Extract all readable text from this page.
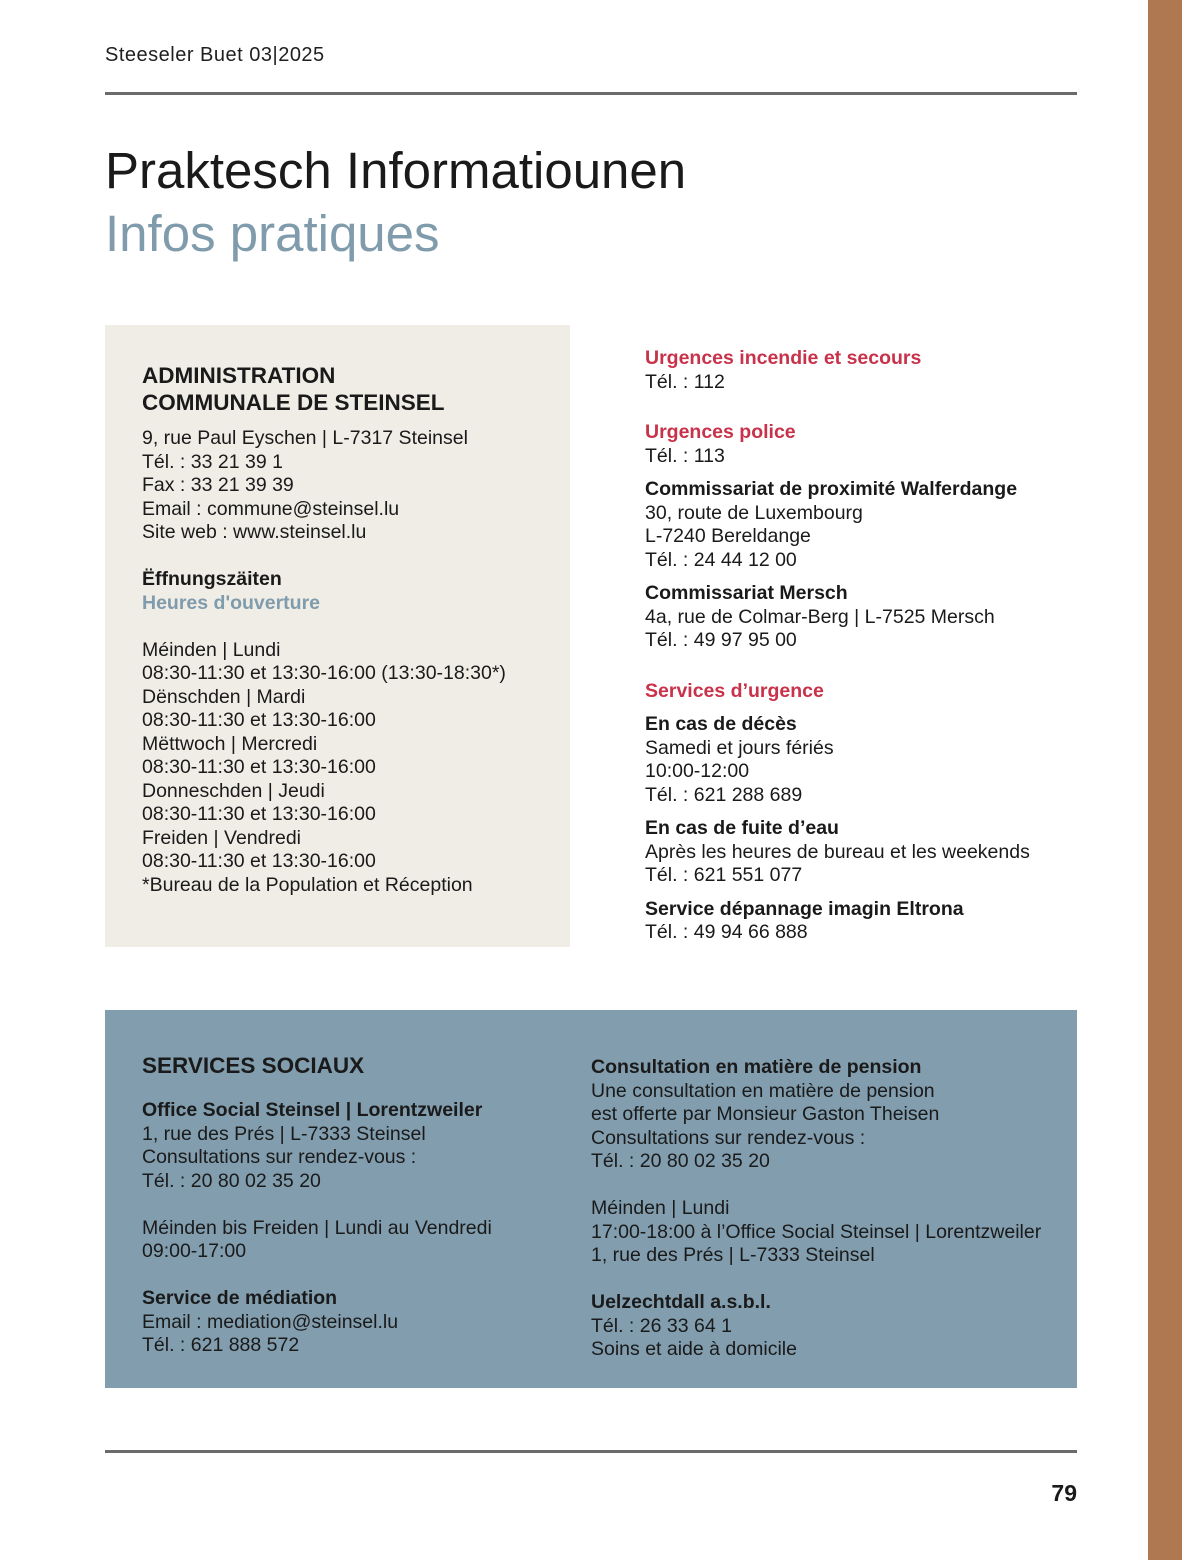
Steeseler Buet 03|2025
Praktesch Informatiounen
Infos pratiques
ADMINISTRATION
COMMUNALE DE STEINSEL
9, rue Paul Eyschen | L-7317 Steinsel
Tél. : 33 21 39 1
Fax : 33 21 39 39
Email : commune@steinsel.lu
Site web : www.steinsel.lu
Ëffnungszäiten
Heures d'ouverture
Méinden | Lundi
08:30-11:30 et 13:30-16:00 (13:30-18:30*)
Dënschden | Mardi
08:30-11:30 et 13:30-16:00
Mëttwoch | Mercredi
08:30-11:30 et 13:30-16:00
Donneschden | Jeudi
08:30-11:30 et 13:30-16:00
Freiden | Vendredi
08:30-11:30 et 13:30-16:00
*Bureau de la Population et Réception
Urgences incendie et secours
Tél. : 112
Urgences police
Tél. : 113
Commissariat de proximité Walferdange
30, route de Luxembourg
L-7240 Bereldange
Tél. : 24 44 12 00
Commissariat Mersch
4a, rue de Colmar-Berg | L-7525 Mersch
Tél. : 49 97 95 00
Services d’urgence
En cas de décès
Samedi et jours fériés
10:00-12:00
Tél. : 621 288 689
En cas de fuite d’eau
Après les heures de bureau et les weekends
Tél. : 621 551 077
Service dépannage imagin Eltrona
Tél. : 49 94 66 888
SERVICES SOCIAUX
Office Social Steinsel | Lorentzweiler
1, rue des Prés | L-7333 Steinsel
Consultations sur rendez-vous :
Tél. : 20 80 02 35 20
Méinden bis Freiden | Lundi au Vendredi
09:00-17:00
Service de médiation
Email : mediation@steinsel.lu
Tél. : 621 888 572
Consultation en matière de pension
Une consultation en matière de pension
est offerte par Monsieur Gaston Theisen
Consultations sur rendez-vous :
Tél. : 20 80 02 35 20
Méinden | Lundi
17:00-18:00 à l’Office Social Steinsel | Lorentzweiler
1, rue des Prés | L-7333 Steinsel
Uelzechtdall a.s.b.l.
Tél. : 26 33 64 1
Soins et aide à domicile
79
